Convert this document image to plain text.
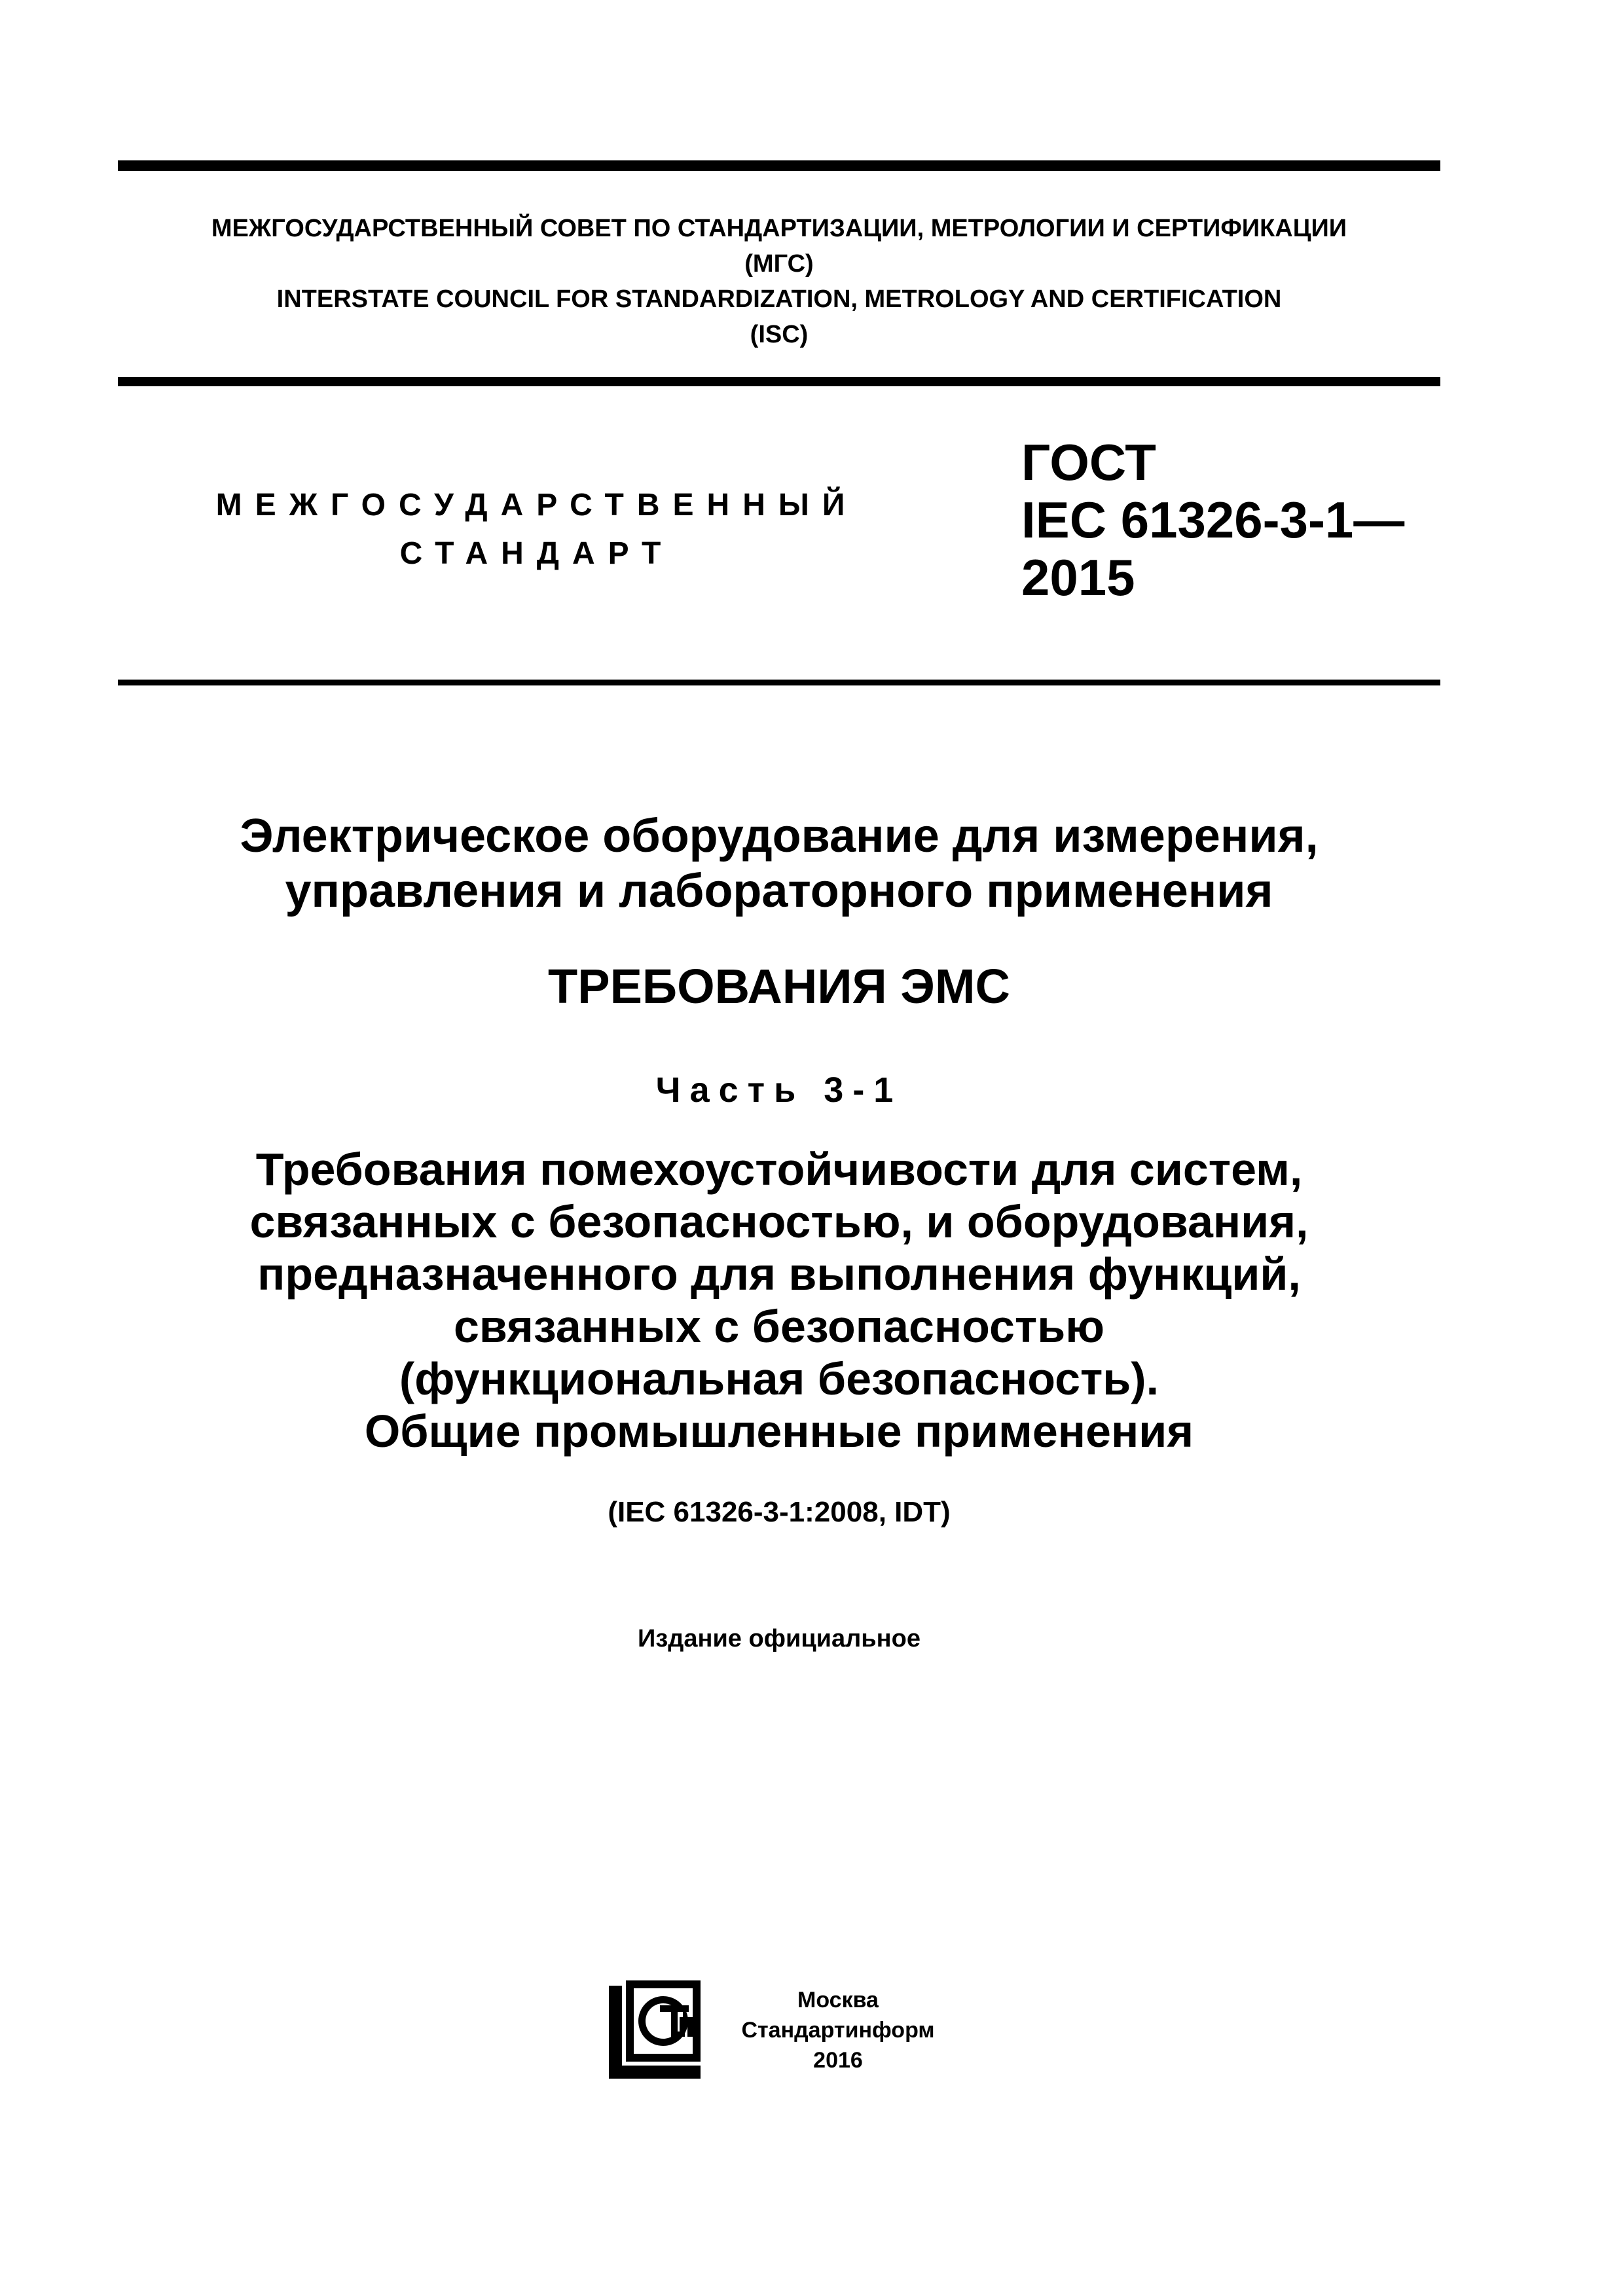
МЕЖГОСУДАРСТВЕННЫЙ СОВЕТ ПО СТАНДАРТИЗАЦИИ, МЕТРОЛОГИИ И СЕРТИФИКАЦИИ
(МГС)
INTERSTATE COUNCIL FOR STANDARDIZATION, METROLOGY AND CERTIFICATION
(ISC)
МЕЖГОСУДАРСТВЕННЫЙ
СТАНДАРТ
ГОСТ
IEC 61326-3-1—
2015
Электрическое оборудование для измерения,
управления и лабораторного применения
ТРЕБОВАНИЯ ЭМС
Часть 3-1
Требования помехоустойчивости для систем,
связанных с безопасностью, и оборудования,
предназначенного для выполнения функций,
связанных с безопасностью
(функциональная безопасность).
Общие промышленные применения
(IEC 61326-3-1:2008, IDT)
Издание официальное
Москва
Стандартинформ
2016
